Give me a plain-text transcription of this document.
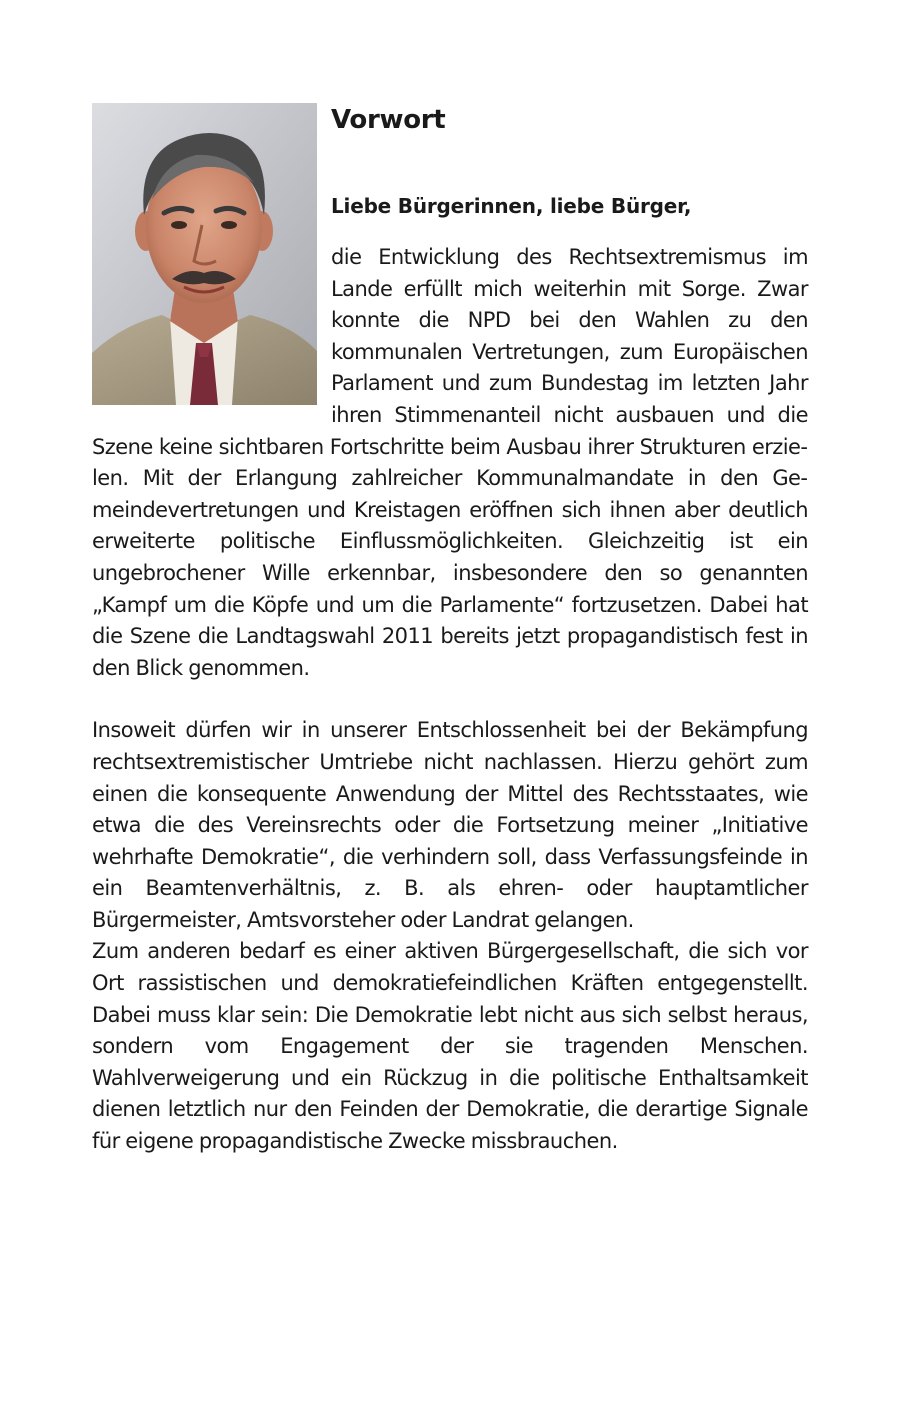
Vorwort
Liebe Bürgerinnen, liebe Bürger,

die Entwicklung des Rechtsextremismus im Lande erfüllt mich weiterhin mit Sorge. Zwar konnte die NPD bei den Wahlen zu den kommunalen Vertretungen, zum Europäischen Parlament und zum Bundestag im letzten Jahr ihren Stimmenanteil nicht ausbauen und die Szene keine sichtbaren Fortschritte beim Ausbau ihrer Strukturen erzielen. Mit der Erlangung zahlreicher Kommunalmandate in den Gemeindevertretungen und Kreistagen eröffnen sich ihnen aber deutlich erweiterte politische Einflussmöglichkeiten. Gleichzeitig ist ein ungebrochener Wille erkennbar, insbesondere den so genannten „Kampf um die Köpfe und um die Parlamente“ fortzusetzen. Dabei hat die Szene die Landtagswahl 2011 bereits jetzt propagandistisch fest in den Blick genommen.

Insoweit dürfen wir in unserer Entschlossenheit bei der Bekämpfung rechtsextremistischer Umtriebe nicht nachlassen. Hierzu gehört zum einen die konsequente Anwendung der Mittel des Rechtsstaates, wie etwa die des Vereinsrechts oder die Fortsetzung meiner „Initiative wehrhafte Demokratie“, die verhindern soll, dass Verfassungsfeinde in ein Beamtenverhältnis, z. B. als ehren- oder hauptamtlicher Bürgermeister, Amtsvorsteher oder Landrat gelangen.

Zum anderen bedarf es einer aktiven Bürgergesellschaft, die sich vor Ort rassistischen und demokratiefeindlichen Kräften entgegenstellt. Dabei muss klar sein: Die Demokratie lebt nicht aus sich selbst heraus, sondern vom Engagement der sie tragenden Menschen. Wahlverweigerung und ein Rückzug in die politische Enthaltsamkeit dienen letztlich nur den Feinden der Demokratie, die derartige Signale für eigene propagandistische Zwecke missbrauchen.
